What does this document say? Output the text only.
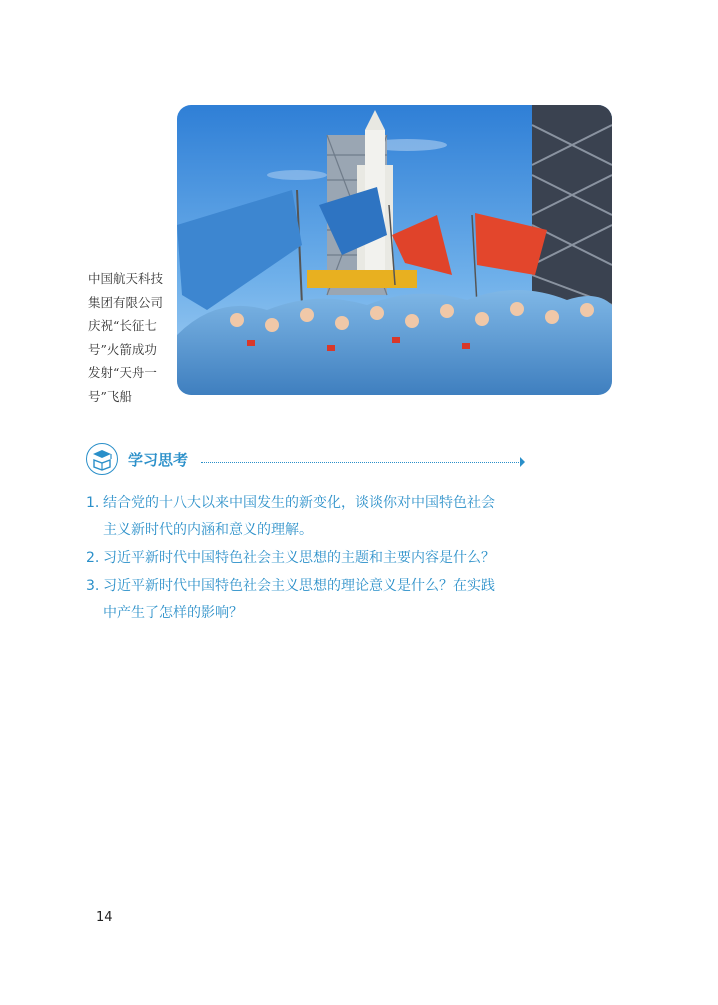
中国航天科技
集团有限公司
庆祝“长征七
号”火箭成功
发射“天舟一
号”飞船
学习思考
1. 结合党的十八大以来中国发生的新变化，谈谈你对中国特色社会
主义新时代的内涵和意义的理解。
2. 习近平新时代中国特色社会主义思想的主题和主要内容是什么？
3. 习近平新时代中国特色社会主义思想的理论意义是什么？在实践
中产生了怎样的影响？
14
